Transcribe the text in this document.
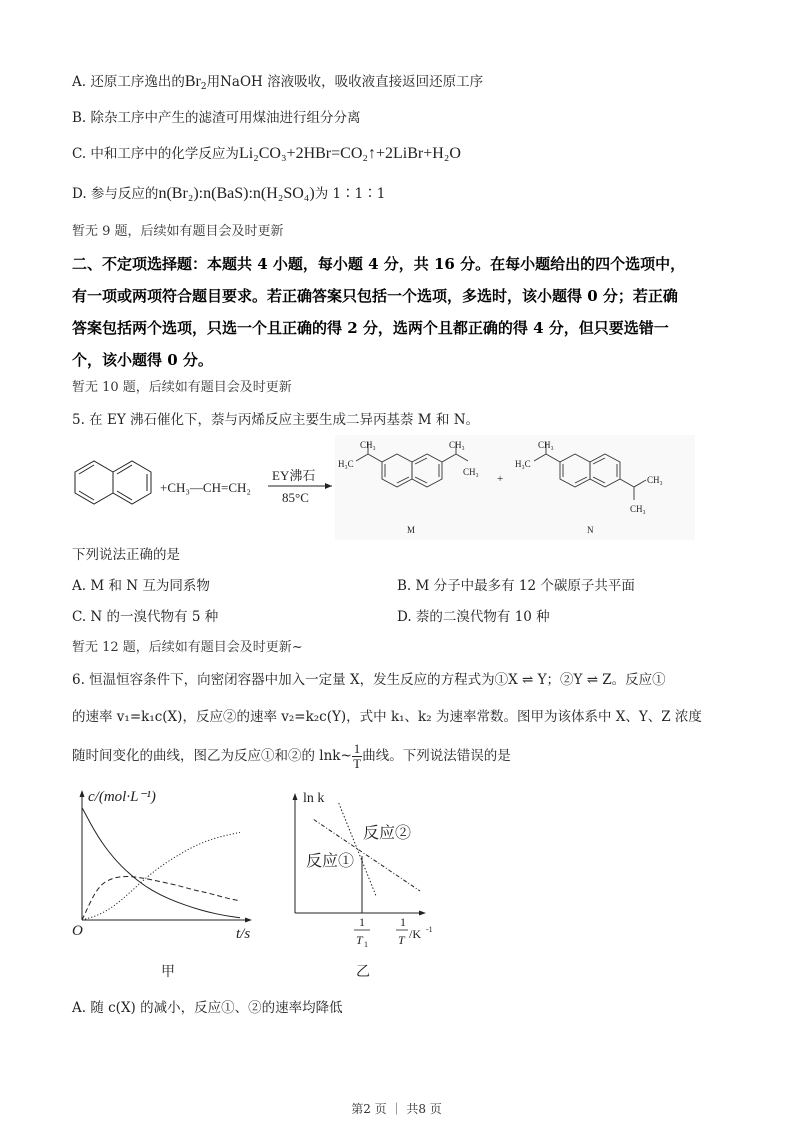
A. 还原工序逸出的$Br_2$用NaOH 溶液吸收，吸收液直接返回还原工序
B. 除杂工序中产生的滤渣可用煤油进行组分分离
C. 中和工序中的化学反应为Li₂CO₃+2HBr=CO₂↑+2LiBr+H₂O
D. 参与反应的n(Br₂):n(BaS):n(H₂SO₄)为 1∶1∶1
暂无 9 题，后续如有题目会及时更新
二、不定项选择题：本题共 4 小题，每小题 4 分，共 16 分。在每小题给出的四个选项中，
有一项或两项符合题目要求。若正确答案只包括一个选项，多选时，该小题得 0 分；若正确
答案包括两个选项，只选一个且正确的得 2 分，选两个且都正确的得 4 分，但只要选错一
个，该小题得 0 分。
暂无 10 题，后续如有题目会及时更新
5. 在 EY 沸石催化下，萘与丙烯反应主要生成二异丙基萘 M 和 N。
+CH₃—CH=CH₂
EY沸石
85°C
CH₃
H₃C
CH₃
CH₃
M
+
CH₃
H₃C
CH₃
CH₃
N
下列说法正确的是
A. M 和 N 互为同系物	B. M 分子中最多有 12 个碳原子共平面
C. N 的一溴代物有 5 种	D. 萘的二溴代物有 10 种
暂无 12 题，后续如有题目会及时更新~
6. 恒温恒容条件下，向密闭容器中加入一定量 X，发生反应的方程式为①X ⇌ Y；②Y ⇌ Z。反应①
的速率 v₁=k₁c(X)，反应②的速率 v₂=k₂c(Y)，式中 k₁、k₂ 为速率常数。图甲为该体系中 X、Y、Z 浓度
随时间变化的曲线，图乙为反应①和②的 lnk~ $\frac{1}{T}$ 曲线。下列说法错误的是
c/(mol·L⁻¹)
O	t/s
甲
ln k
反应②
反应①
1
T 1
1
T /K -1
乙
A. 随 c(X) 的减小，反应①、②的速率均降低
第2 页 ｜ 共8 页
